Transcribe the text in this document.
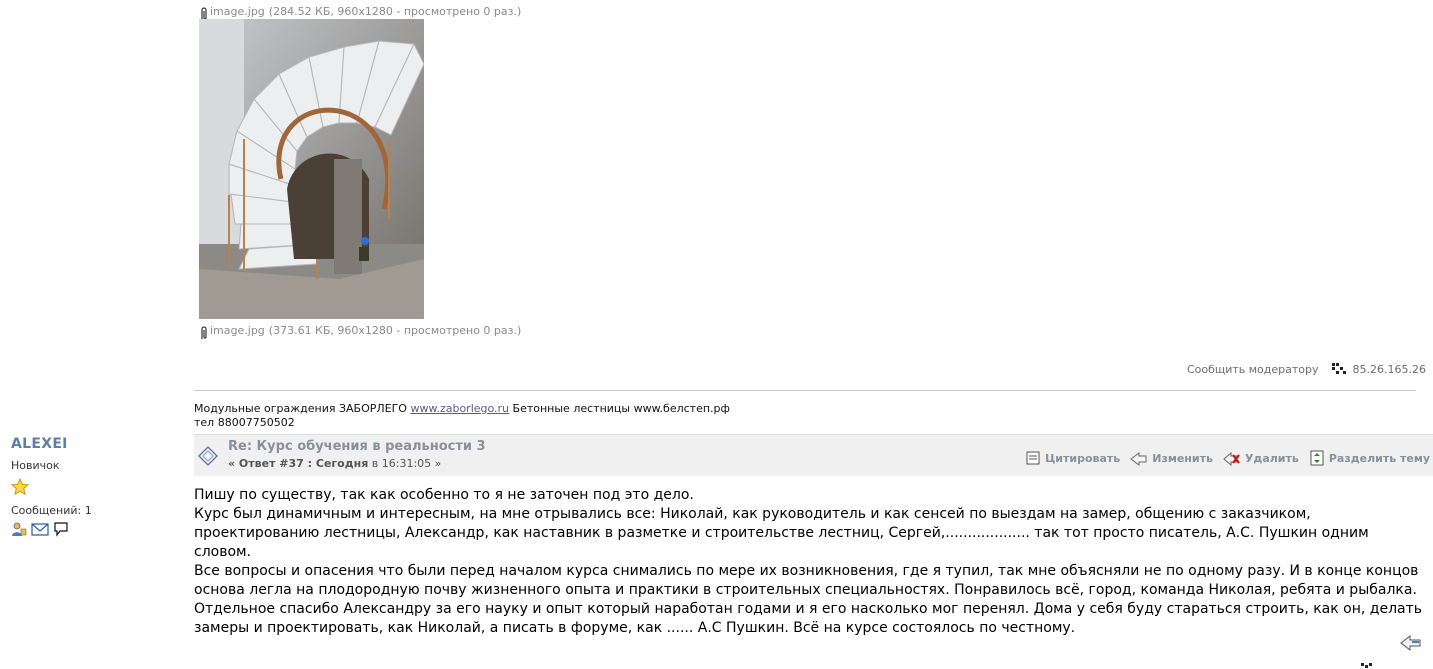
image.jpg (284.52 КБ, 960x1280 - просмотрено 0 раз.)
image.jpg (373.61 КБ, 960x1280 - просмотрено 0 раз.)
Сообщить модератору	85.26.165.26
Модульные ограждения ЗАБОРЛЕГО www.zaborlego.ru Бетонные лестницы www.белстеп.рф
тел 88007750502
ALEXEI
Новичок
Сообщений: 1
Re: Курс обучения в реальности 3
« Ответ #37 : Сегодня в 16:31:05 »	Цитировать	Изменить	Удалить	Разделить тему

Пишу по существу, так как особенно то я не заточен под это дело.

Курс был динамичным и интересным, на мне отрывались все: Николай, как руководитель и как сенсей по выездам на замер, общению с заказчиком, проектированию лестницы, Александр, как наставник в разметке и строительстве лестниц, Сергей,................... так тот просто писатель, А.С. Пушкин одним словом.

Все вопросы и опасения что были перед началом курса снимались по мере их возникновения, где я тупил, так мне объясняли не по одному разу. И в конце концов основа легла на плодородную почву жизненного опыта и практики в строительных специальностях. Понравилось всё, город, команда Николая, ребята и рыбалка.

Отдельное спасибо Александру за его науку и опыт который наработан годами и я его насколько мог перенял. Дома у себя буду стараться строить, как он, делать замеры и проектировать, как Николай, а писать в форуме, как ...... А.С Пушкин. Всё на курсе состоялось по честному.
